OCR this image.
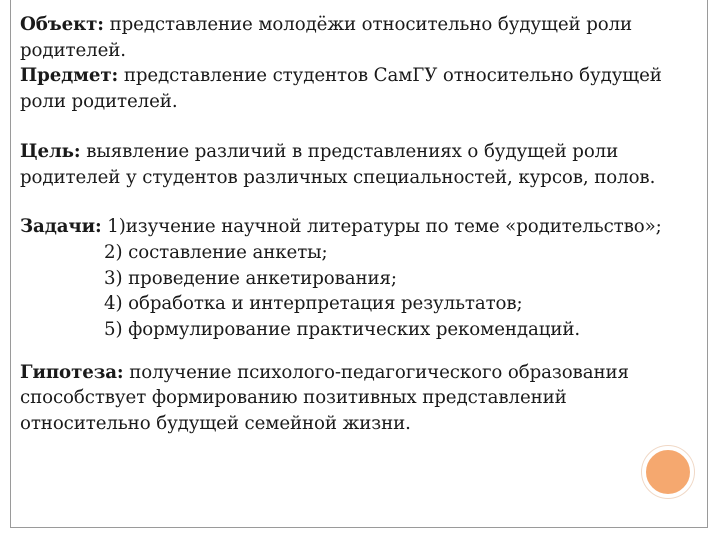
Объект: представление молодёжи относительно будущей роли родителей.

Предмет: представление студентов СамГУ относительно будущей роли родителей.

Цель: выявление различий в представлениях о будущей роли родителей у студентов различных специальностей, курсов, полов.

Задачи: 1)изучение научной литературы по теме «родительство»;

2) составление анкеты;

3) проведение анкетирования;

4) обработка и интерпретация результатов;

5) формулирование практических рекомендаций.

Гипотеза: получение психолого-педагогического образования способствует формированию позитивных представлений относительно будущей семейной жизни.
